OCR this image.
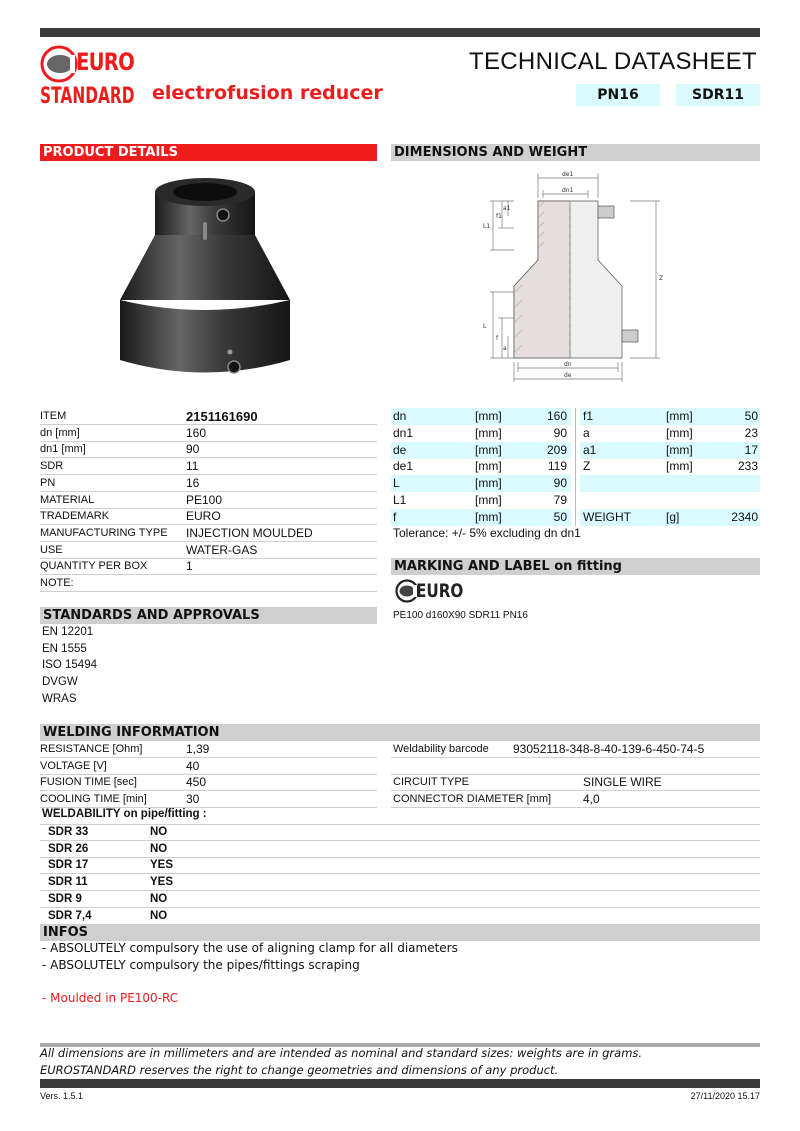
EURO
STANDARD electrofusion reducer
TECHNICAL DATASHEET
PN16	SDR11
PRODUCT DETAILS	DIMENSIONS AND WEIGHT
de1
dn1
Z
L1
f1
a1
L
f
a
dn
de
ITEM	2151161690
dn [mm]	160
dn1 [mm]	90
SDR	11
PN	16
MATERIAL	PE100
TRADEMARK	EURO
MANUFACTURING TYPE INJECTION MOULDED
USE	WATER-GAS
QUANTITY PER BOX	1
NOTE:
dn	[mm]	160 f1	[mm]	50
dn1	[mm]	90 a	[mm]	23
de	[mm]	209 a1	[mm]	17
de1	[mm]	119 Z	[mm]	233
L	[mm]	90
L1	[mm]	79
f	[mm]	50 WEIGHT	[g]	2340
Tolerance: +/- 5% excluding dn dn1
MARKING AND LABEL on fitting
EURO
PE100 d160X90 SDR11 PN16
STANDARDS AND APPROVALS
EN 12201
EN 1555
ISO 15494
DVGW
WRAS
WELDING INFORMATION
RESISTANCE [Ohm]	1,39	Weldability barcode 93052118-348-8-40-139-6-450-74-5
VOLTAGE [V]	40
FUSION TIME [sec]	450	CIRCUIT TYPE	SINGLE WIRE
COOLING TIME [min]	30	CONNECTOR DIAMETER [mm]	4,0
WELDABILITY on pipe/fitting :
SDR 33	NO
SDR 26	NO
SDR 17	YES
SDR 11	YES
SDR 9	NO
SDR 7,4	NO
INFOS
- ABSOLUTELY compulsory the use of aligning clamp for all diameters
- ABSOLUTELY compulsory the pipes/fittings scraping
- Moulded in PE100-RC
All dimensions are in millimeters and are intended as nominal and standard sizes: weights are in grams.
EUROSTANDARD reserves the right to change geometries and dimensions of any product.
Vers. 1.5.1	27/11/2020 15.17
